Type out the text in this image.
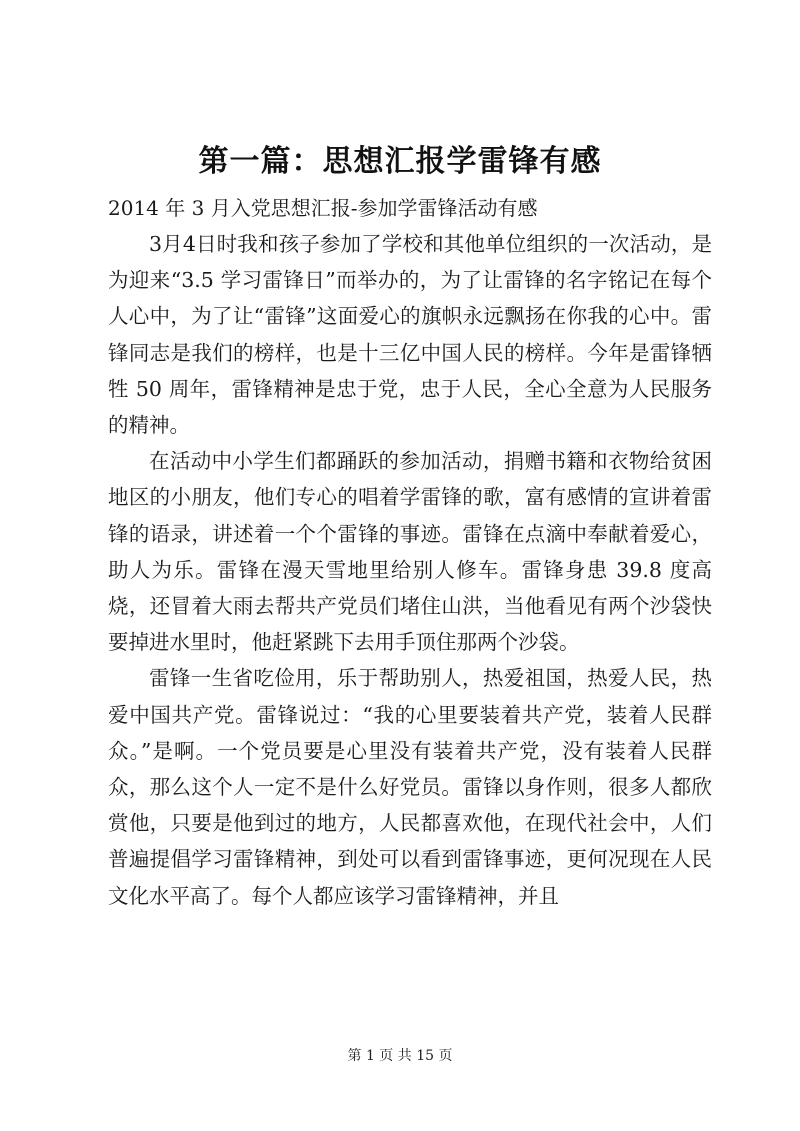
第一篇：思想汇报学雷锋有感
2014 年 3 月入党思想汇报-参加学雷锋活动有感

3月4日时我和孩子参加了学校和其他单位组织的一次活动，是为迎来“3.5 学习雷锋日”而举办的，为了让雷锋的名字铭记在每个人心中，为了让“雷锋”这面爱心的旗帜永远飘扬在你我的心中。雷锋同志是我们的榜样，也是十三亿中国人民的榜样。今年是雷锋牺牲 50 周年，雷锋精神是忠于党，忠于人民，全心全意为人民服务的精神。

在活动中小学生们都踊跃的参加活动，捐赠书籍和衣物给贫困地区的小朋友，他们专心的唱着学雷锋的歌，富有感情的宣讲着雷锋的语录，讲述着一个个雷锋的事迹。雷锋在点滴中奉献着爱心，助人为乐。雷锋在漫天雪地里给别人修车。雷锋身患 39.8 度高烧，还冒着大雨去帮共产党员们堵住山洪，当他看见有两个沙袋快要掉进水里时，他赶紧跳下去用手顶住那两个沙袋。

雷锋一生省吃俭用，乐于帮助别人，热爱祖国，热爱人民，热爱中国共产党。雷锋说过：“我的心里要装着共产党，装着人民群众。”是啊。一个党员要是心里没有装着共产党，没有装着人民群众，那么这个人一定不是什么好党员。雷锋以身作则，很多人都欣赏他，只要是他到过的地方，人民都喜欢他，在现代社会中，人们普遍提倡学习雷锋精神，到处可以看到雷锋事迹，更何况现在人民文化水平高了。每个人都应该学习雷锋精神，并且

第 1 页 共 15 页
